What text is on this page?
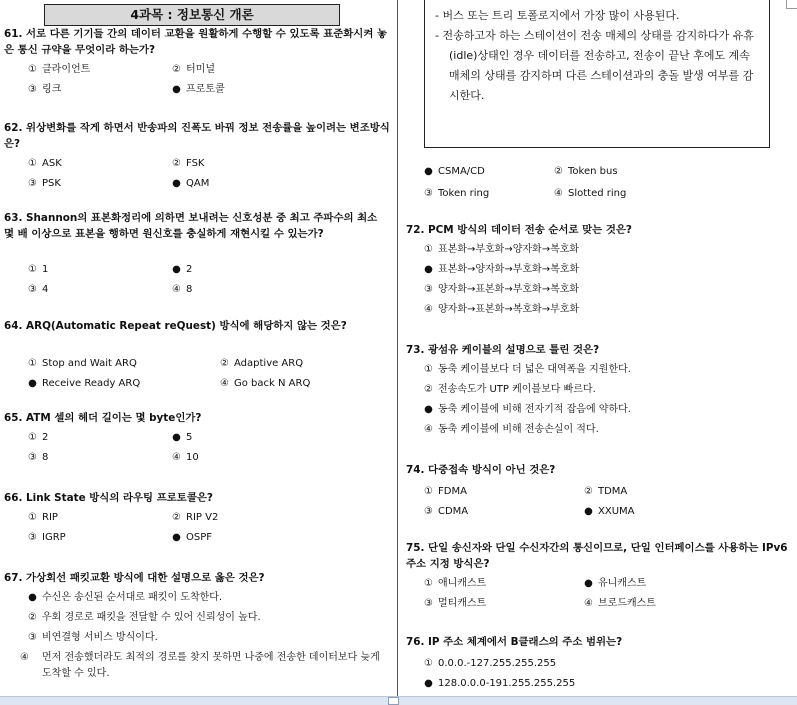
4과목 : 정보통신 개론
61. 서로 다른 기기들 간의 데이터 교환을 원활하게 수행할 수 있도록 표준화시켜 놓은 통신 규약을 무엇이라 하는가?
① 클라이언트	② 터미널
③ 링크	● 프로토콜
62. 위상변화를 작게 하면서 반송파의 진폭도 바꿔 정보 전송률을 높이려는 변조방식은?
① ASK	② FSK
③ PSK	● QAM
63. Shannon의 표본화정리에 의하면 보내려는 신호성분 중 최고 주파수의 최소 몇 배 이상으로 표본을 행하면 원신호를 충실하게 재현시킬 수 있는가?
① 1	● 2
③ 4	④ 8
64. ARQ(Automatic Repeat reQuest) 방식에 해당하지 않는 것은?
① Stop and Wait ARQ	② Adaptive ARQ
● Receive Ready ARQ	④ Go back N ARQ
65. ATM 셀의 헤더 길이는 몇 byte인가?
① 2	● 5
③ 8	④ 10
66. Link State 방식의 라우팅 프로토콜은?
① RIP	② RIP V2
③ IGRP	● OSPF
67. 가상회선 패킷교환 방식에 대한 설명으로 옳은 것은?
● 수신은 송신된 순서대로 패킷이 도착한다.
② 우회 경로로 패킷을 전달할 수 있어 신뢰성이 높다.
③ 비연결형 서비스 방식이다.
④ 먼저 전송했더라도 최적의 경로를 찾지 못하면 나중에 전송한 데이터보다 늦게 도착할 수 있다.

- 버스 또는 트리 토폴로지에서 가장 많이 사용된다.

- 전송하고자 하는 스테이션이 전송 매체의 상태를 감지하다가 유휴(idle)상태인 경우 데이터를 전송하고, 전송이 끝난 후에도 계속 매체의 상태를 감지하며 다른 스테이션과의 충돌 발생 여부를 감시한다.

● CSMA/CD	② Token bus
③ Token ring	④ Slotted ring
72. PCM 방식의 데이터 전송 순서로 맞는 것은?
① 표본화→부호화→양자화→복호화
● 표본화→양자화→부호화→복호화
③ 양자화→표본화→부호화→복호화
④ 양자화→표본화→복호화→부호화
73. 광섬유 케이블의 설명으로 틀린 것은?
① 동축 케이블보다 더 넓은 대역폭을 지원한다.
② 전송속도가 UTP 케이블보다 빠르다.
● 동축 케이블에 비해 전자기적 잡음에 약하다.
④ 동축 케이블에 비해 전송손실이 적다.
74. 다중접속 방식이 아닌 것은?
① FDMA	② TDMA
③ CDMA	● XXUMA
75. 단일 송신자와 단일 수신자간의 통신이므로, 단일 인터페이스를 사용하는 IPv6 주소 지정 방식은?
① 애니캐스트	● 유니캐스트
③ 멀티캐스트	④ 브로드캐스트
76. IP 주소 체계에서 B클래스의 주소 범위는?
① 0.0.0.-127.255.255.255
● 128.0.0.0-191.255.255.255
